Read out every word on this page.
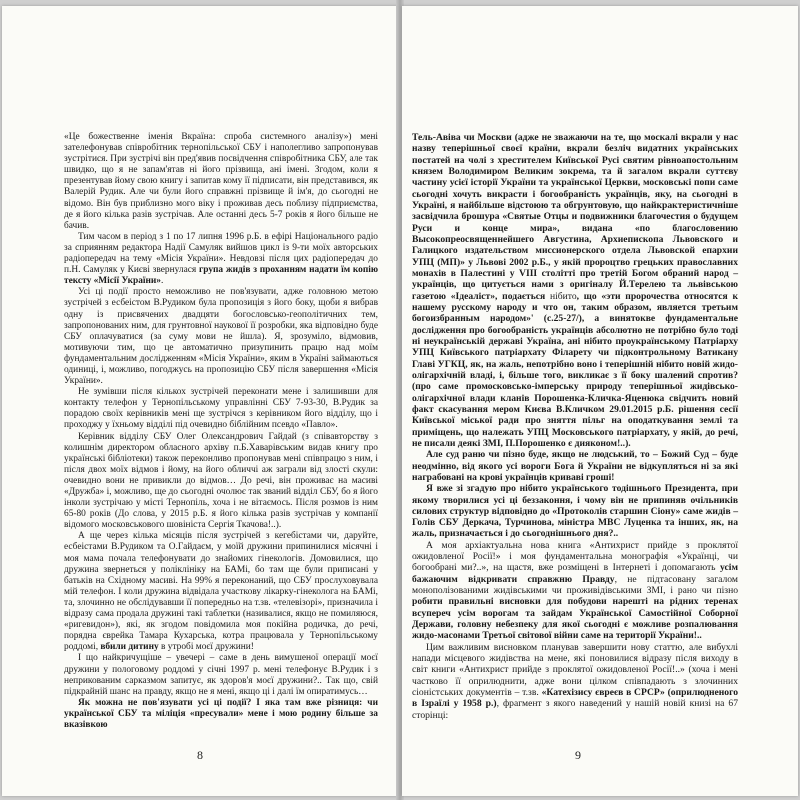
«Це божественне іменія Вкраїна: спроба системного аналізу») мені зателефонував співробітник тернопільської СБУ і наполегливо запропонував зустрітися. При зустрічі він пред'явив посвідчення співробітника СБУ, але так швидко, що я не запам'ятав ні його прізвища, ані імені. Згодом, коли я презентував йому свою книгу і запитав кому її підписати, він представився, як Валерій Рудик. Але чи були його справжні прізвище й ім'я, до сьогодні не відомо. Він був приблизно мого віку і проживав десь поблизу підприємства, де я його кілька разів зустрічав. Але останні десь 5-7 років я його більше не бачив.

Тим часом в період з 1 по 17 липня 1996 р.Б. в ефірі Національного радіо за сприянням редактора Надії Самуляк вийшов цикл із 9-ти моїх авторських радіопередач на тему «Місія України». Невдовзі після цих радіопередач до п.Н. Самуляк у Києві звернулася група жидів з проханням надати їм копію тексту «Місії України».

Усі ці події просто неможливо не пов'язувати, адже головною метою зустрічей з есбеістом В.Рудиком була пропозиція з його боку, щоби я вибрав одну із присвячених двадцяти богословсько-геополітичних тем, запропонованих ним, для грунтовної наукової її розробки, яка відповідно буде СБУ оплачуватися (за суму мови не йшла). Я, зрозуміло, відмовив, мотивуючи тим, що це автоматично призупинить працю над моїм фундаментальним дослідженням «Місія України», яким в Україні займаються одиниці, і, можливо, погоджусь на пропозицію СБУ після завершення «Місія України».

Не зумівши після кількох зустрічей переконати мене і залишивши для контакту телефон у Тернопільському управлінні СБУ 7-93-30, В.Рудик за порадою своїх керівників мені ще зустрічся з керівником його відділу, що і проходжу у їхньому відділі під очевидно біблійним псевдо «Павло».

Керівник відділу СБУ Олег Олександрович Гайдай (з співавторству з колишнім директором обласного архіву п.Б.Хаварівським видав книгу про українські бібліотеки) також переконливо пропонував мені співпрацю з ним, і після двох моїх відмов і йому, на його обличчі аж заграли від злості скули: очевидно вони не привикли до відмов… До речі, він проживає на масиві «Дружба» і, можливо, ще до сьогодні очолює так званий відділ СБУ, бо я його інколи зустрічаю у місті Тернопіль, хоча і не вітаємось. Після розмов із ним 65-80 років (До слова, у 2015 р.Б. я його кілька разів зустрічав у компанії відомого московськового шовініста Сергія Ткачова!..).

А ще через кілька місяців після зустрічей з кегебістами чи, даруйте, есбеістами В.Рудиком та О.Гайдаєм, у моїй дружини припинилися місячні і моя мама почала телефонувати до знайомих гінекологів. Домовилися, що дружина звернеться у поліклініку на БАМі, бо там ще були приписані у батьків на Східному масиві. На 99% я переконаний, що СБУ прослуховувала мій телефон. І коли дружина відвідала участкову лікарку-гінеколога на БАМі, та, злочинно не обслідувавши її попередньо на т.зв. «телевізорі», призначила і відразу сама продала дружині такі таблетки (називалися, якщо не помиляюся, «ригевидон»), які, як згодом повідомила моя покійна родичка, до речі, порядна єврейка Тамара Кухарська, котра працювала у Тернопільському роддомі, вбили дитину в утробі моєї дружини!

І що найкричущіше – увечері – саме в день вимушеної операції моєї дружини у пологовому роддомі у січні 1997 р. мені телефонує В.Рудик і з неприкованим сарказмом запитує, як здоров'я моєї дружини?.. Так що, свій підкрайній шанс на правду, якщо не я мені, якщо ці і далі їм опиратимусь…

Як можна не пов'язувати усі ці події? І яка там вже різниця: чи української СБУ та міліція «пресували» мене і мою родину більше за вказівкою

8

Тель-Авіва чи Москви (адже не зважаючи на те, що москалі вкрали у нас назву теперішньої своєї країни, вкрали безліч видатних українських постатей на чолі з хрестителем Київської Русі святим рівноапостольним князем Володимиром Великим зокрема, та й загалом вкрали суттєву частину усієї історії України та української Церкви, московські попи саме сьогодні хочуть викрасти і богообраність українців, яку, на сьогодні в Україні, я найбільше відстоюю та обгрунтовую, що найкрактеристичніше засвідчила брошура «Святые Отцы и подвижники благочестия о будущем Руси и конце мира», видана «по благословению Высокопреосвященнейшего Августина, Архиепископа Львовского и Галицкого издательством миссионерского отдела Львовской епархии УПЦ (МП)» у Львові 2002 р.Б., у якій пророцтво грецьких православних монахів в Палестині у VIII столітті про третій Богом обраний народ – українців, що цитується нами з оригіналу Й.Терелею та львівською газетою «Ідеаліст», подається нібито, що «эти пророчества относятся к нашему русскому народу и что он, таким образом, является третьим богоизбранным народом»' (с.25-27/), а винятокве фундаментальне дослідження про богообраність українців абсолютно не потрібно було тоді ні неукраїнській державі Україна, ані нібито проукраїнському Патріарху УПЦ Київського патріархату Філарету чи підконтрольному Ватикану Главі УГКЦ, як, на жаль, непотрібно воно і теперішній нібито новій жидо-олігархічній владі, і, більше того, викликає з її боку шалений спротив? (про саме промосковсько-імперську природу теперішньої жидівсько-олігархічної влади кланів Порошенка-Кличка-Яценюка свідчить новий факт скасування мером Києва В.Кличком 29.01.2015 р.Б. рішення сесії Київської міської ради про зняття пільг на оподаткування землі та приміщень, що належать УПЦ Московського патріархату, у якій, до речі, не писали деякі ЗМІ, П.Порошенко є дияконом!..).

Але суд раню чи пізно буде, якщо не людський, то – Божий Суд – буде неодмінно, від якого усі вороги Бога й України не відкупляться ні за які награбовані на крові українців криваві гроші!

Я вже зі згадую про нібито українського тодішнього Президента, при якому творилися усі ці беззаконня, і чому він не припиняв очільників силових структур відповідно до «Протоколів старшин Сіону» саме жидів – Голів СБУ Деркача, Турчинова, міністра МВС Луценка та інших, як, на жаль, призначається і до сьогоднішнього дня?..

А моя архіактуальна нова книга «Антихрист прийде з проклятої ожидовленої Росії!» і моя фундаментальна монографія «Українці, чи богообрані ми?..», на щастя, вже розміщені в Інтернеті і допомагають усім бажаючим відкривати справжню Правду, не підтасовану загалом монополізованими жидівськими чи проживідівськими ЗМІ, і рано чи пізно робити правильні висновки для побудови нарешті на рідних теренах всупереч усім ворогам та зайдам Української Самостійної Соборної Держави, головну небезпеку для якої сьогодні є можливе розпалювання жидо-масонами Третьої світової війни саме на території України!..

Цим важливим висновком планував завершити нову статтю, але вибухлі напади місцевого жидівства на мене, які поновилися відразу після виходу в світ книги «Антихрист прийде з проклятої ожидовленої Росії!..» (хоча і мені частково її оприлюднити, адже вони цілком співпадають з злочинних сіоністських документів – т.зв. «Катехізису євреєв в СРСР» (оприлюдненого в Ізраїлі у 1958 р.), фрагмент з якого наведений у нашій новій книзі на 67 сторінці:

9
